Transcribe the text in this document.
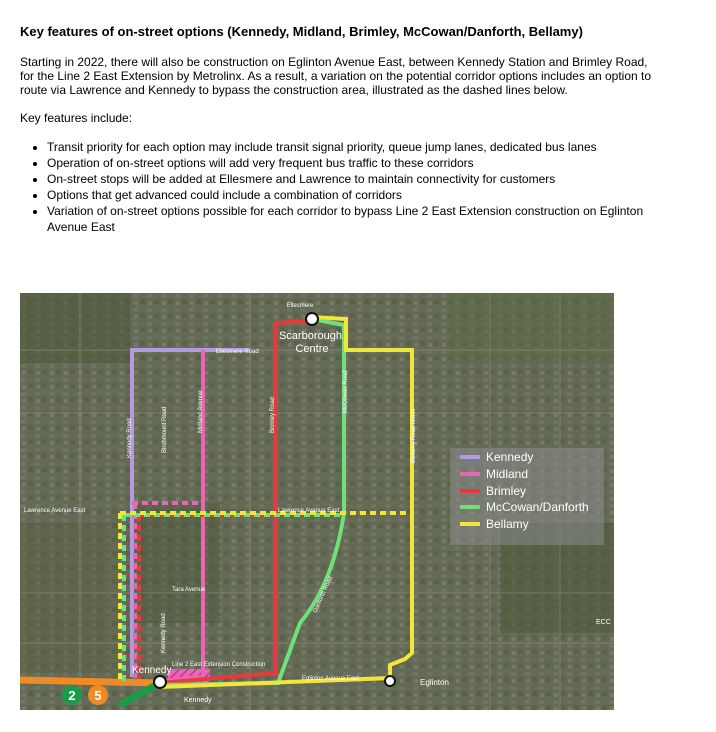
Key features of on-street options (Kennedy, Midland, Brimley, McCowan/Danforth, Bellamy)

Starting in 2022, there will also be construction on Eglinton Avenue East, between Kennedy Station and Brimley Road, for the Line 2 East Extension by Metrolinx. As a result, a variation on the potential corridor options includes an option to route via Lawrence and Kennedy to bypass the construction area, illustrated as the dashed lines below.

Key features include:

• Transit priority for each option may include transit signal priority, queue jump lanes, dedicated bus lanes
• Operation of on-street options will add very frequent bus traffic to these corridors
• On-street stops will be added at Ellesmere and Lawrence to maintain connectivity for customers
• Options that get advanced could include a combination of corridors
• Variation of on-street options possible for each corridor to bypass Line 2 East Extension construction on Eglinton Avenue East
2 5
Scarborough Centre
Kennedy
Kennedy
Eglinton
ECC
Ellesmere
Ellesmere Road
Lawrence Avenue East	Lawrence Avenue East
Eglinton Avenue East
Line 2 East Extension Construction
Tara Avenue
Kennedy Road	Birchmount Road	Midland Avenue	Brimley Road
McCowan Road
Bellamy Road North
Danforth Road
Kennedy Road
Kennedy
Midland
Brimley
McCowan/Danforth
Bellamy
